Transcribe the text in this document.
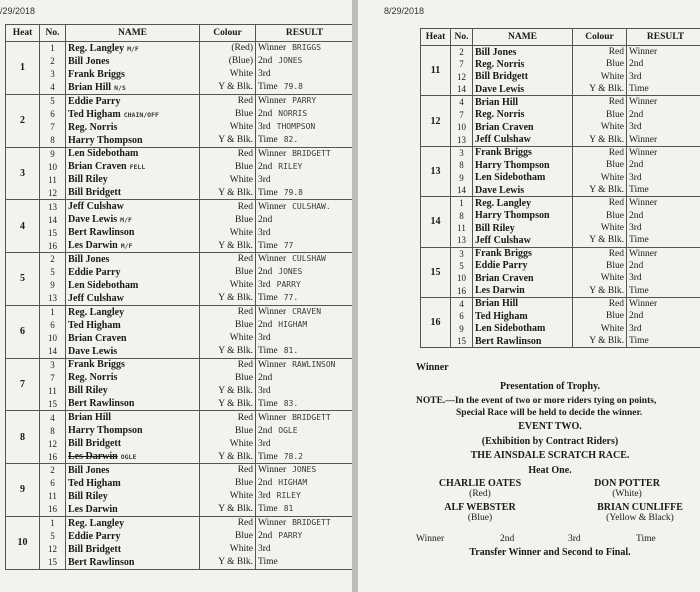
/29/2018
Heat	No.	NAME	Colour	RESULT
1	1	Reg. Langley M/F	(Red)	Winner BRIGGS
	2	Bill Jones	(Blue)	2nd JONES
	3	Frank Briggs	White	3rd
	4	Brian Hill N/S	Y & Blk.	Time 79.8
2	5	Eddie Parry	Red	Winner PARRY
	6	Ted Higham CHAIN/OFF	Blue	2nd NORRIS
	7	Reg. Norris	White	3rd THOMPSON
	8	Harry Thompson	Y & Blk.	Time 82.
3	9	Len Sidebotham	Red	Winner BRIDGETT
	10	Brian Craven FELL	Blue	2nd RILEY
	11	Bill Riley	White	3rd
	12	Bill Bridgett	Y & Blk.	Time 79.8
4	13	Jeff Culshaw	Red	Winner CULSHAW.
	14	Dave Lewis M/F	Blue	2nd
	15	Bert Rawlinson	White	3rd
	16	Les Darwin M/F	Y & Blk.	Time 77
5	2	Bill Jones	Red	Winner CULSHAW
	5	Eddie Parry	Blue	2nd JONES
	9	Len Sidebotham	White	3rd PARRY
	13	Jeff Culshaw	Y & Blk.	Time 77.
6	1	Reg. Langley	Red	Winner CRAVEN
	6	Ted Higham	Blue	2nd HIGHAM
	10	Brian Craven	White	3rd
	14	Dave Lewis	Y & Blk.	Time 81.
7	3	Frank Briggs	Red	Winner RAWLINSON
	7	Reg. Norris	Blue	2nd
	11	Bill Riley	Y & Blk.	3rd
	15	Bert Rawlinson	Y & Blk.	Time 83.
8	4	Brian Hill	Red	Winner BRIDGETT
	8	Harry Thompson	Blue	2nd OGLE
	12	Bill Bridgett	White	3rd
	16	Les Darwin OGLE	Y & Blk.	Time 78.2
9	2	Bill Jones	Red	Winner JONES
	6	Ted Higham	Blue	2nd HIGHAM
	11	Bill Riley	White	3rd RILEY
	16	Les Darwin	Y & Blk.	Time 81
10	1	Reg. Langley	Red	Winner BRIDGETT
	5	Eddie Parry	Blue	2nd PARRY
	12	Bill Bridgett	White	3rd
	15	Bert Rawlinson	Y & Blk.	Time
8/29/2018
Heat	No.	NAME	Colour	RESULT
11	2	Bill Jones	Red	Winner
	7	Reg. Norris	Blue	2nd
	12	Bill Bridgett	White	3rd
	14	Dave Lewis	Y & Blk.	Time
12	4	Brian Hill	Red	Winner
	7	Reg. Norris	Blue	2nd
	10	Brian Craven	White	3rd
	13	Jeff Culshaw	Y & Blk.	Winner
13	3	Frank Briggs	Red	Winner
	8	Harry Thompson	Blue	2nd
	9	Len Sidebotham	White	3rd
	14	Dave Lewis	Y & Blk.	Time
14	1	Reg. Langley	Red	Winner
	8	Harry Thompson	Blue	2nd
	11	Bill Riley	White	3rd
	13	Jeff Culshaw	Y & Blk.	Time
15	3	Frank Briggs	Red	Winner
	5	Eddie Parry	Blue	2nd
	10	Brian Craven	White	3rd
	16	Les Darwin	Y & Blk.	Time
16	4	Brian Hill	Red	Winner
	6	Ted Higham	Blue	2nd
	9	Len Sidebotham	White	3rd
	15	Bert Rawlinson	Y & Blk.	Time
Winner
Presentation of Trophy.
NOTE.—In the event of two or more riders tying on points,
Special Race will be held to decide the winner.
EVENT TWO.
(Exhibition by Contract Riders)
THE AINSDALE SCRATCH RACE.
Heat One.
CHARLIE OATES
(Red)
DON POTTER
(White)
ALF WEBSTER
(Blue)
BRIAN CUNLIFFE
(Yellow & Black)
Winner	2nd	3rd	Time
Transfer Winner and Second to Final.
